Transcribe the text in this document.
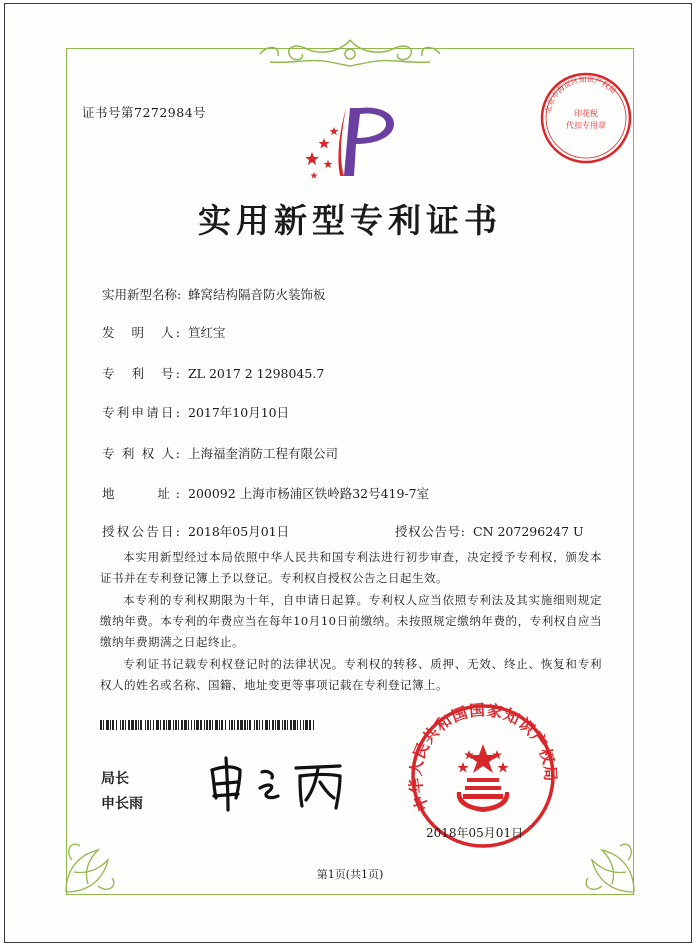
证书号第7272984号	北京市海淀区知识产权局
印花税
代扣专用章
实用新型专利证书
实用新型名称: 蜂窝结构隔音防火装饰板
发　明　人: 笪红宝
专　利　号: ZL 2017 2 1298045.7
专利申请日: 2017年10月10日
专 利 权 人: 上海福奎消防工程有限公司
地　　址: 200092 上海市杨浦区铁岭路32号419-7室
授权公告日: 2018年05月01日	授权公告号: CN 207296247 U
本实用新型经过本局依照中华人民共和国专利法进行初步审查，决定授予专利权，颁发本证书并在专利登记簿上予以登记。专利权自授权公告之日起生效。
本专利的专利权期限为十年，自申请日起算。专利权人应当依照专利法及其实施细则规定缴纳年费。本专利的年费应当在每年10月10日前缴纳。未按照规定缴纳年费的，专利权自应当缴纳年费期满之日起终止。
专利证书记载专利权登记时的法律状况。专利权的转移、质押、无效、终止、恢复和专利权人的姓名或名称、国籍、地址变更等事项记载在专利登记簿上。
局长
申长雨	中华人民共和国国家知识产权局
2018年05月01日
第1页(共1页)
